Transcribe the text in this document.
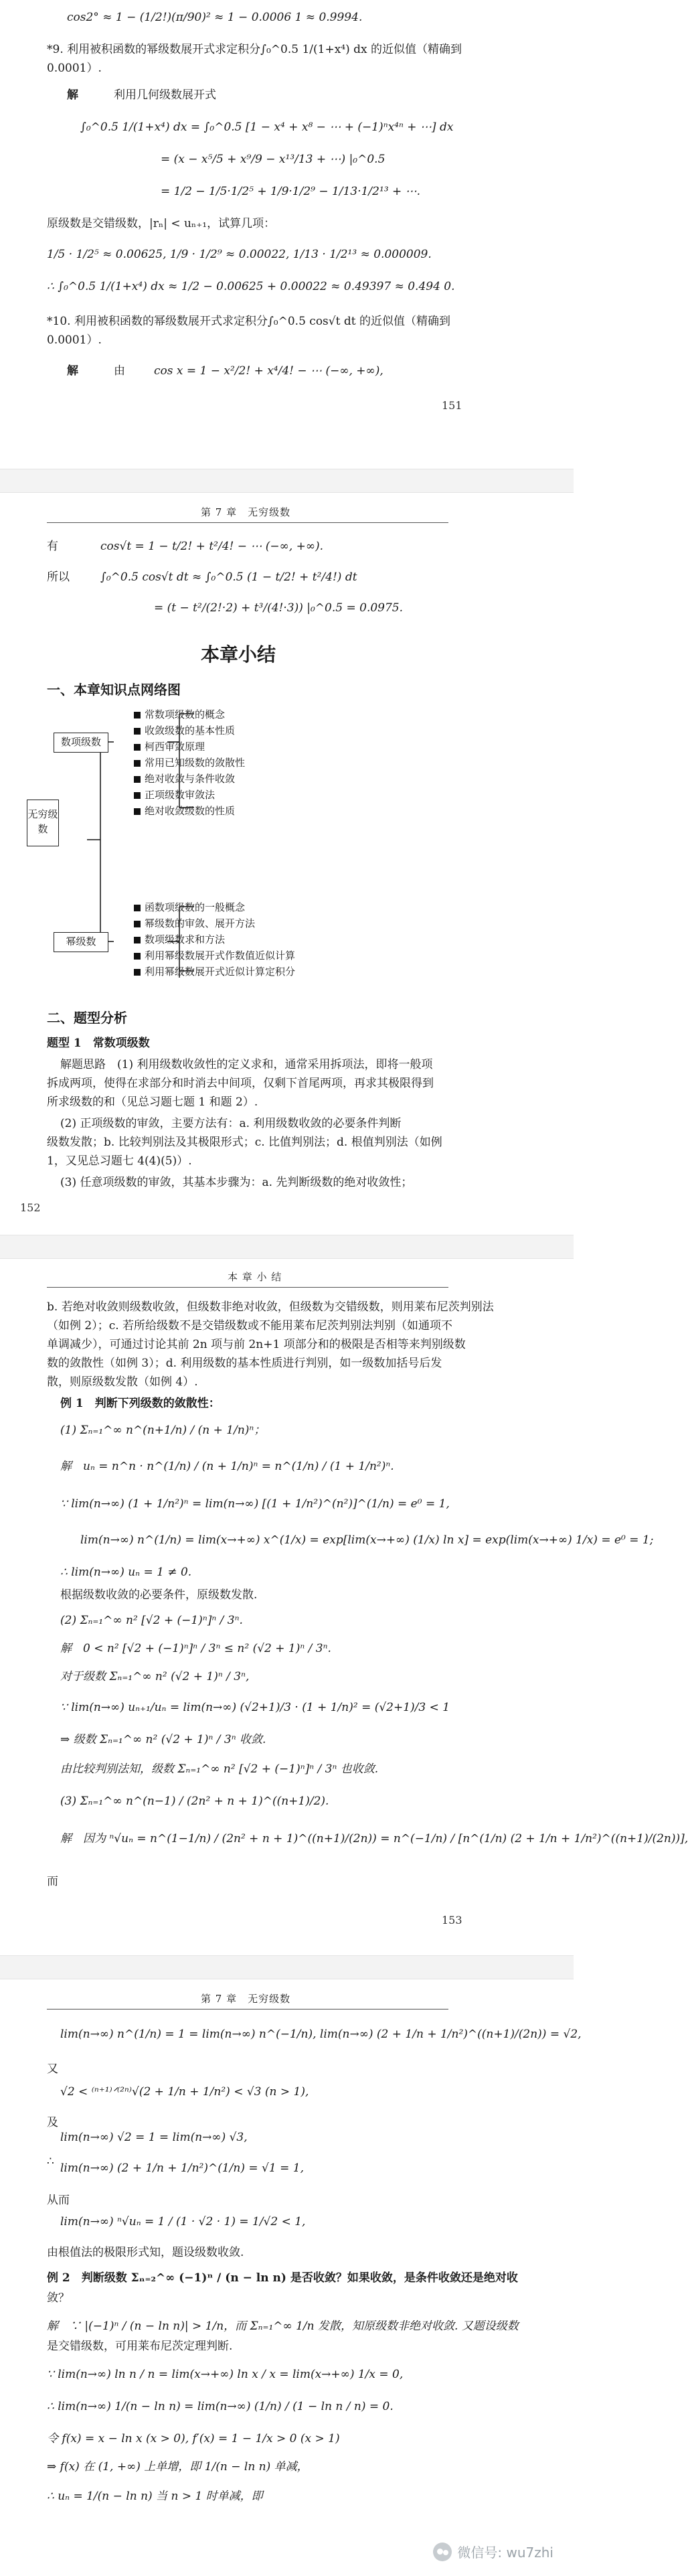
cos2° ≈ 1 − (1/2!)(π/90)² ≈ 1 − 0.0006 1 ≈ 0.9994.
*9. 利用被积函数的幂级数展开式求定积分∫₀^0.5 1/(1+x⁴) dx 的近似值（精确到
0.0001）.
解	利用几何级数展开式
∫₀^0.5 1/(1+x⁴) dx = ∫₀^0.5 [1 − x⁴ + x⁸ − ⋯ + (−1)ⁿx⁴ⁿ + ⋯] dx
= (x − x⁵/5 + x⁹/9 − x¹³/13 + ⋯) |₀^0.5
= 1/2 − 1/5·1/2⁵ + 1/9·1/2⁹ − 1/13·1/2¹³ + ⋯.
原级数是交错级数，|rₙ| < uₙ₊₁，试算几项：
1/5 · 1/2⁵ ≈ 0.00625, 1/9 · 1/2⁹ ≈ 0.00022, 1/13 · 1/2¹³ ≈ 0.000009.
∴ ∫₀^0.5 1/(1+x⁴) dx ≈ 1/2 − 0.00625 + 0.00022 ≈ 0.49397 ≈ 0.494 0.
*10. 利用被积函数的幂级数展开式求定积分∫₀^0.5 cos√t dt 的近似值（精确到
0.0001）.
解	由	cos x = 1 − x²/2! + x⁴/4! − ⋯ (−∞, +∞),
151
第 7 章　无穷级数
有	cos√t = 1 − t/2! + t²/4! − ⋯ (−∞, +∞).
所以	∫₀^0.5 cos√t dt ≈ ∫₀^0.5 (1 − t/2! + t²/4!) dt
= (t − t²/(2!·2) + t³/(4!·3)) |₀^0.5 = 0.0975.
本章小结
一、本章知识点网络图
无穷级数
数项级数
幂级数
常数项级数的概念
收敛级数的基本性质
柯西审敛原理
常用已知级数的敛散性
绝对收敛与条件收敛
正项级数审敛法
绝对收敛级数的性质
函数项级数的一般概念
幂级数的审敛、展开方法
数项级数求和方法
利用幂级数展开式作数值近似计算
利用幂级数展开式近似计算定积分
二、题型分析
题型 1　常数项级数
解题思路　(1) 利用级数收敛性的定义求和，通常采用拆项法，即将一般项
拆成两项，使得在求部分和时消去中间项，仅剩下首尾两项，再求其极限得到
所求级数的和（见总习题七题 1 和题 2）.
(2) 正项级数的审敛，主要方法有：a. 利用级数收敛的必要条件判断
级数发散；b. 比较判别法及其极限形式；c. 比值判别法；d. 根值判别法（如例
1，又见总习题七 4(4)(5)）.
(3) 任意项级数的审敛，其基本步骤为：a. 先判断级数的绝对收敛性；
152
本 章 小 结
b. 若绝对收敛则级数收敛，但级数非绝对收敛，但级数为交错级数，则用莱布尼茨判别法
（如例 2）；c. 若所给级数不是交错级数或不能用莱布尼茨判别法判别（如通项不
单调减少），可通过讨论其前 2n 项与前 2n+1 项部分和的极限是否相等来判别级数
数的敛散性（如例 3）；d. 利用级数的基本性质进行判别，如一级数加括号后发
散，则原级数发散（如例 4）.
例 1　判断下列级数的敛散性：
(1) Σₙ₌₁^∞ n^(n+1/n) / (n + 1/n)ⁿ；
解　uₙ = n^n · n^(1/n) / (n + 1/n)ⁿ = n^(1/n) / (1 + 1/n²)ⁿ.
∵ lim(n→∞) (1 + 1/n²)ⁿ = lim(n→∞) [(1 + 1/n²)^(n²)]^(1/n) = e⁰ = 1,
lim(n→∞) n^(1/n) = lim(x→+∞) x^(1/x) = exp[lim(x→+∞) (1/x) ln x] = exp(lim(x→+∞) 1/x) = e⁰ = 1;
∴ lim(n→∞) uₙ = 1 ≠ 0.
根据级数收敛的必要条件，原级数发散.
(2) Σₙ₌₁^∞ n² [√2 + (−1)ⁿ]ⁿ / 3ⁿ.
解　0 < n² [√2 + (−1)ⁿ]ⁿ / 3ⁿ ≤ n² (√2 + 1)ⁿ / 3ⁿ.
对于级数 Σₙ₌₁^∞ n² (√2 + 1)ⁿ / 3ⁿ,
∵ lim(n→∞) uₙ₊₁/uₙ = lim(n→∞) (√2+1)/3 · (1 + 1/n)² = (√2+1)/3 < 1
⇒ 级数 Σₙ₌₁^∞ n² (√2 + 1)ⁿ / 3ⁿ 收敛.
由比较判别法知，级数 Σₙ₌₁^∞ n² [√2 + (−1)ⁿ]ⁿ / 3ⁿ 也收敛.
(3) Σₙ₌₁^∞ n^(n−1) / (2n² + n + 1)^((n+1)/2).
解　因为 ⁿ√uₙ = n^(1−1/n) / (2n² + n + 1)^((n+1)/(2n)) = n^(−1/n) / [n^(1/n) (2 + 1/n + 1/n²)^((n+1)/(2n))],
而
153
第 7 章　无穷级数
lim(n→∞) n^(1/n) = 1 = lim(n→∞) n^(−1/n), lim(n→∞) (2 + 1/n + 1/n²)^((n+1)/(2n)) = √2,
又
√2 < ⁽ⁿ⁺¹⁾ᐟ⁽²ⁿ⁾√(2 + 1/n + 1/n²) < √3 (n > 1),
及
lim(n→∞) √2 = 1 = lim(n→∞) √3,
∴ lim(n→∞) (2 + 1/n + 1/n²)^(1/n) = √1 = 1,
从而
lim(n→∞) ⁿ√uₙ = 1 / (1 · √2 · 1) = 1/√2 < 1,
由根值法的极限形式知，题设级数收敛.
例 2　判断级数 Σₙ₌₂^∞ (−1)ⁿ / (n − ln n) 是否收敛？如果收敛，是条件收敛还是绝对收
敛？
解　∵ |(−1)ⁿ / (n − ln n)| > 1/n，而 Σₙ₌₁^∞ 1/n 发散，知原级数非绝对收敛. 又题设级数
是交错级数，可用莱布尼茨定理判断.
∵ lim(n→∞) ln n / n = lim(x→+∞) ln x / x = lim(x→+∞) 1/x = 0,
∴ lim(n→∞) 1/(n − ln n) = lim(n→∞) (1/n) / (1 − ln n / n) = 0.
令 f(x) = x − ln x (x > 0), f′(x) = 1 − 1/x > 0 (x > 1)
⇒ f(x) 在 (1, +∞) 上单增，即 1/(n − ln n) 单减，
∴ uₙ = 1/(n − ln n) 当 n > 1 时单减，即
微信号: wu7zhi
